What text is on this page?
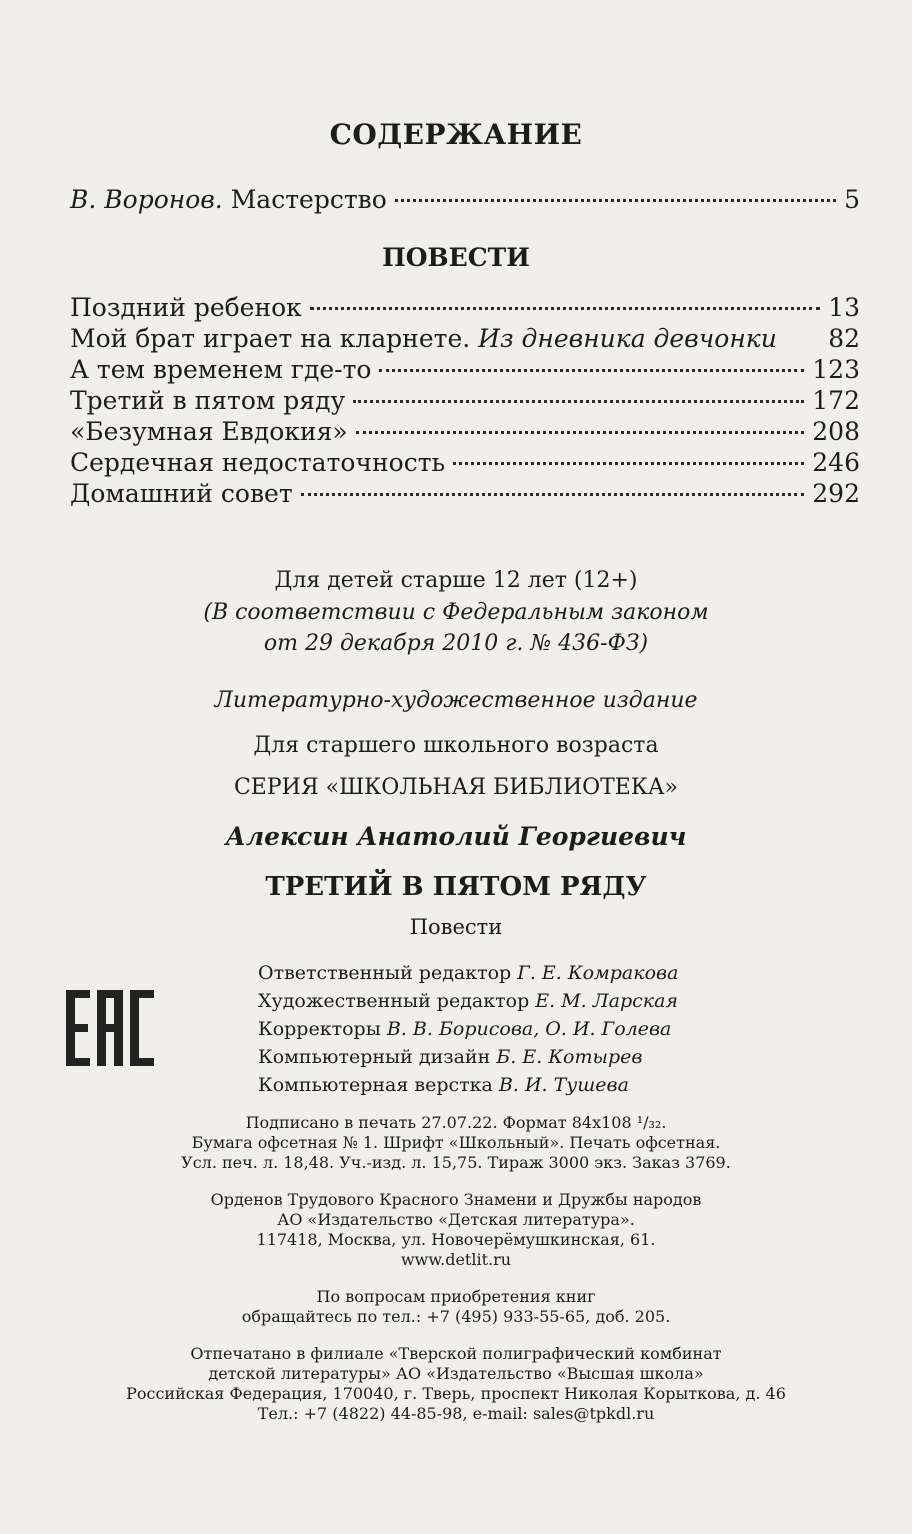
СОДЕРЖАНИЕ
В. Воронов. Мастерство	5
ПОВЕСТИ
Поздний ребенок	13
Мой брат играет на кларнете. Из дневника девчонки 82
А тем временем где-то	123
Третий в пятом ряду	172
«Безумная Евдокия»	208
Сердечная недостаточность	246
Домашний совет	292
Для детей старше 12 лет (12+)
(В соответствии с Федеральным законом
от 29 декабря 2010 г. № 436-ФЗ)
Литературно-художественное издание
Для старшего школьного возраста
СЕРИЯ «ШКОЛЬНАЯ БИБЛИОТЕКА»
Алексин Анатолий Георгиевич
ТРЕТИЙ В ПЯТОМ РЯДУ
Повести
Ответственный редактор Г. Е. Комракова
Художественный редактор Е. М. Ларская
Корректоры В. В. Борисова, О. И. Голева
Компьютерный дизайн Б. Е. Котырев
Компьютерная верстка В. И. Тушева
Подписано в печать 27.07.22. Формат 84x108 ¹/₃₂.
Бумага офсетная № 1. Шрифт «Школьный». Печать офсетная.
Усл. печ. л. 18,48. Уч.-изд. л. 15,75. Тираж 3000 экз. Заказ 3769.
Орденов Трудового Красного Знамени и Дружбы народов
АО «Издательство «Детская литература».
117418, Москва, ул. Новочерёмушкинская, 61.
www.detlit.ru
По вопросам приобретения книг
обращайтесь по тел.: +7 (495) 933-55-65, доб. 205.
Отпечатано в филиале «Тверской полиграфический комбинат
детской литературы» АО «Издательство «Высшая школа»
Российская Федерация, 170040, г. Тверь, проспект Николая Корыткова, д. 46
Тел.: +7 (4822) 44-85-98, e-mail: sales@tpkdl.ru
